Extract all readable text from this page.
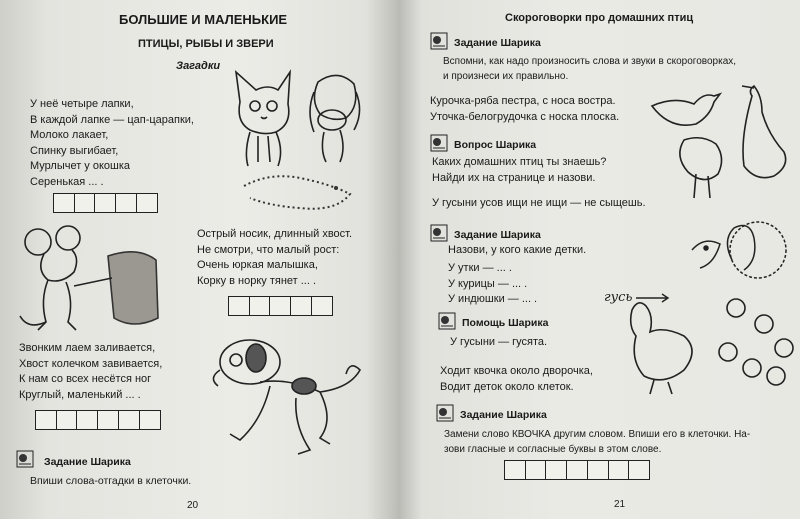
БОЛЬШИЕ И МАЛЕНЬКИЕ
ПТИЦЫ, РЫБЫ И ЗВЕРИ
Загадки
У неё четыре лапки,
В каждой лапке — цап-царапки,
Молоко лакает,
Спинку выгибает,
Мурлычет у окошка
Серенькая ... .
Острый носик, длинный хвост.
Не смотри, что малый рост:
Очень юркая малышка,
Корку в норку тянет ... .
Звонким лаем заливается,
Хвост колечком завивается,
К нам со всех несётся ног
Круглый, маленький ... .
Задание Шарика
Впиши слова-отгадки в клеточки.
20
Скороговорки про домашних птиц
Задание Шарика
Вспомни, как надо произносить слова и звуки в скороговорках,
и произнеси их правильно.
Курочка-ряба пестра, с носа востра.
Уточка-белогрудочка с носка плоска.
Вопрос Шарика
Каких домашних птиц ты знаешь?
Найди их на странице и назови.
У гусыни усов ищи не ищи — не сыщешь.
Задание Шарика
Назови, у кого какие детки.
У утки — ... .
У курицы — ... .
У индюшки — ... .	гусь
Помощь Шарика
У гусыни — гусята.
Ходит квочка около дворочка,
Водит деток около клеток.
Задание Шарика
Замени слово КВОЧКА другим словом. Впиши его в клеточки. На-
зови гласные и согласные буквы в этом слове.
21
